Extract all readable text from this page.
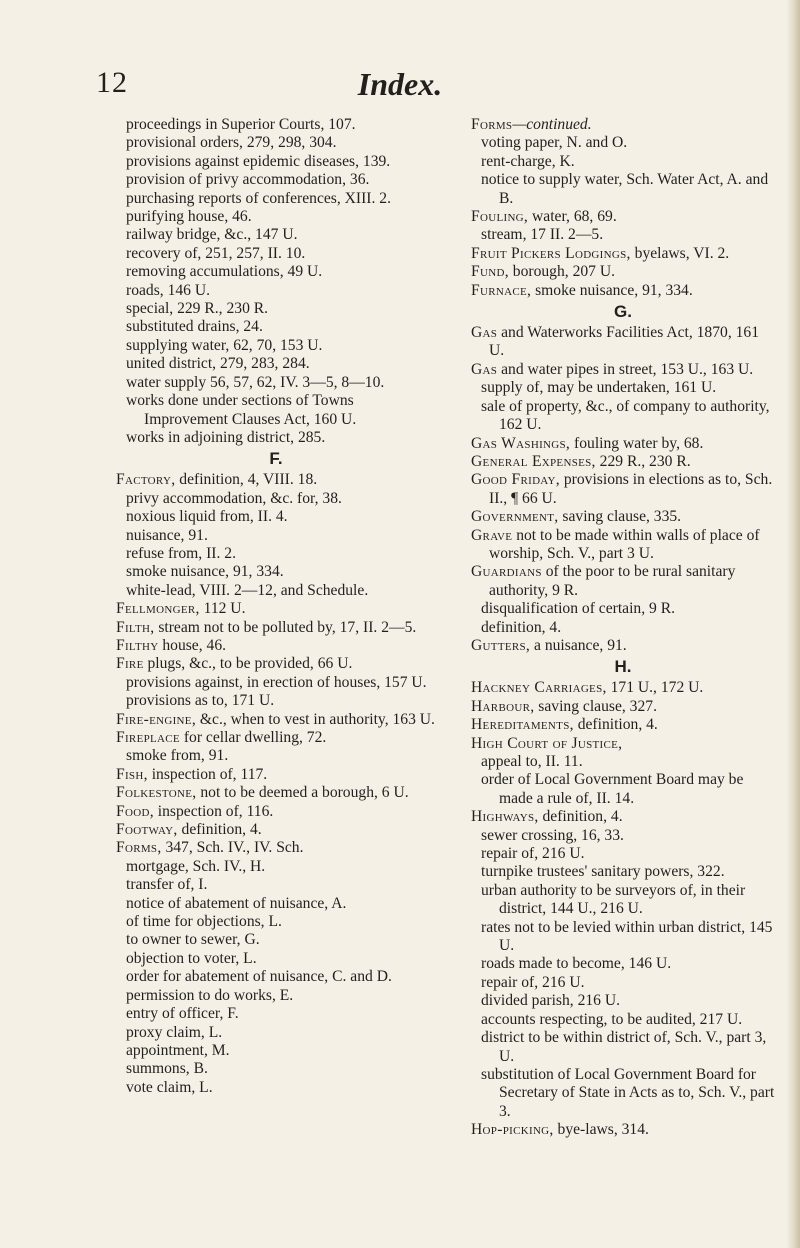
12	Index.
proceedings in Superior Courts, 107.
provisional orders, 279, 298, 304.
provisions against epidemic diseases, 139.
provision of privy accommodation, 36.
purchasing reports of conferences, XIII. 2.
purifying house, 46.
railway bridge, &c., 147 U.
recovery of, 251, 257, II. 10.
removing accumulations, 49 U.
roads, 146 U.
special, 229 R., 230 R.
substituted drains, 24.
supplying water, 62, 70, 153 U.
united district, 279, 283, 284.
water supply 56, 57, 62, IV. 3—5, 8—10.
works done under sections of Towns Improvement Clauses Act, 160 U.
works in adjoining district, 285.
F.
Factory, definition, 4, VIII. 18.
privy accommodation, &c. for, 38.
noxious liquid from, II. 4.
nuisance, 91.
refuse from, II. 2.
smoke nuisance, 91, 334.
white-lead, VIII. 2—12, and Schedule.
Fellmonger, 112 U.
Filth, stream not to be polluted by, 17, II. 2—5.
Filthy house, 46.
Fire plugs, &c., to be provided, 66 U.
provisions against, in erection of houses, 157 U.
provisions as to, 171 U.
Fire-engine, &c., when to vest in authority, 163 U.
Fireplace for cellar dwelling, 72.
smoke from, 91.
Fish, inspection of, 117.
Folkestone, not to be deemed a borough, 6 U.
Food, inspection of, 116.
Footway, definition, 4.
Forms, 347, Sch. IV., IV. Sch.
mortgage, Sch. IV., H.
transfer of, I.
notice of abatement of nuisance, A.
of time for objections, L.
to owner to sewer, G.
objection to voter, L.
order for abatement of nuisance, C. and D.
permission to do works, E.
entry of officer, F.
proxy claim, L.
appointment, M.
summons, B.
vote claim, L.
Forms—continued.
voting paper, N. and O.
rent-charge, K.
notice to supply water, Sch. Water Act, A. and B.
Fouling, water, 68, 69.
stream, 17 II. 2—5.
Fruit Pickers Lodgings, byelaws, VI. 2.
Fund, borough, 207 U.
Furnace, smoke nuisance, 91, 334.
G.
Gas and Waterworks Facilities Act, 1870, 161 U.
Gas and water pipes in street, 153 U., 163 U.
supply of, may be undertaken, 161 U.
sale of property, &c., of company to authority, 162 U.
Gas Washings, fouling water by, 68.
General Expenses, 229 R., 230 R.
Good Friday, provisions in elections as to, Sch. II., ¶ 66 U.
Government, saving clause, 335.
Grave not to be made within walls of place of worship, Sch. V., part 3 U.
Guardians of the poor to be rural sanitary authority, 9 R.
disqualification of certain, 9 R.
definition, 4.
Gutters, a nuisance, 91.
H.
Hackney Carriages, 171 U., 172 U.
Harbour, saving clause, 327.
Hereditaments, definition, 4.
High Court of Justice,
appeal to, II. 11.
order of Local Government Board may be made a rule of, II. 14.
Highways, definition, 4.
sewer crossing, 16, 33.
repair of, 216 U.
turnpike trustees' sanitary powers, 322.
urban authority to be surveyors of, in their district, 144 U., 216 U.
rates not to be levied within urban district, 145 U.
roads made to become, 146 U.
repair of, 216 U.
divided parish, 216 U.
accounts respecting, to be audited, 217 U.
district to be within district of, Sch. V., part 3, U.
substitution of Local Government Board for Secretary of State in Acts as to, Sch. V., part 3.
Hop-picking, bye-laws, 314.
